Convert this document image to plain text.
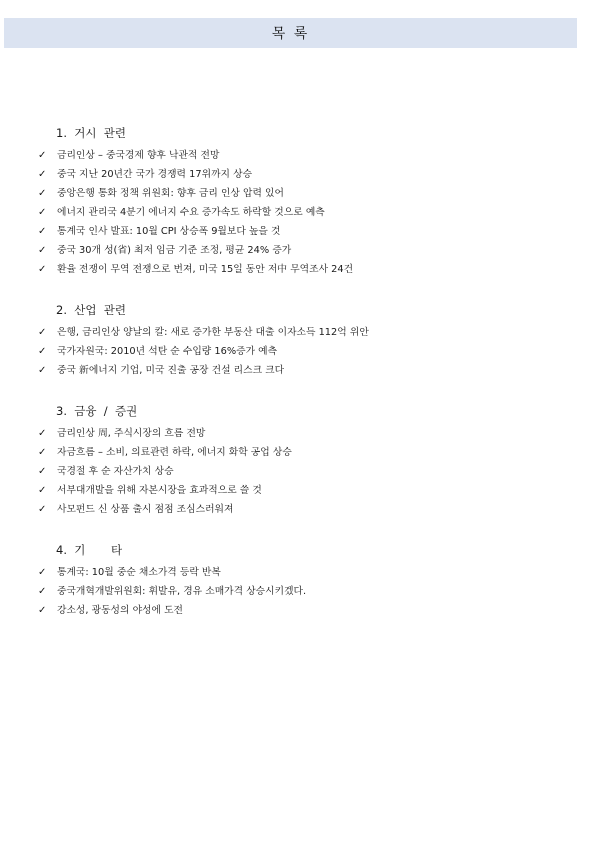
목 록
1.  거시  관련
✓ 금리인상 – 중국경제 향후 낙관적 전망
✓ 중국 지난 20년간 국가 경쟁력 17위까지 상승
✓ 중앙은행 통화 정책 위원회: 향후 금리 인상 압력 있어
✓ 에너지 관리국 4분기 에너지 수요 증가속도 하락할 것으로 예측
✓ 통계국 인사 발표: 10월 CPI 상승폭 9월보다 높을 것
✓ 중국 30개 성(省) 최저 임금 기준 조정, 평균 24% 증가
✓ 환율 전쟁이 무역 전쟁으로 번져, 미국 15일 동안 저中 무역조사 24건
2.  산업  관련
✓ 은행, 금리인상 양날의 칼: 새로 증가한 부동산 대출 이자소득 112억 위안
✓ 국가자원국: 2010년 석탄 순 수입량 16%증가 예측
✓ 중국 新에너지 기업, 미국 진출 공장 건설 리스크 크다
3.  금융  /  증권
✓ 금리인상 周, 주식시장의 흐름 전망
✓ 자금흐름 – 소비, 의료관련 하락, 에너지 화학 공업 상승
✓ 국경절 후 순 자산가치 상승
✓ 서부대개발을 위해 자본시장을 효과적으로 쓸 것
✓ 사모펀드 신 상품 출시 점점 조심스러워져
4.  기       타
✓ 통계국: 10월 중순 채소가격 등락 반복
✓ 중국개혁개발위원회: 휘발유, 경유 소매가격 상승시키겠다.
✓ 강소성, 광동성의 야성에 도전
